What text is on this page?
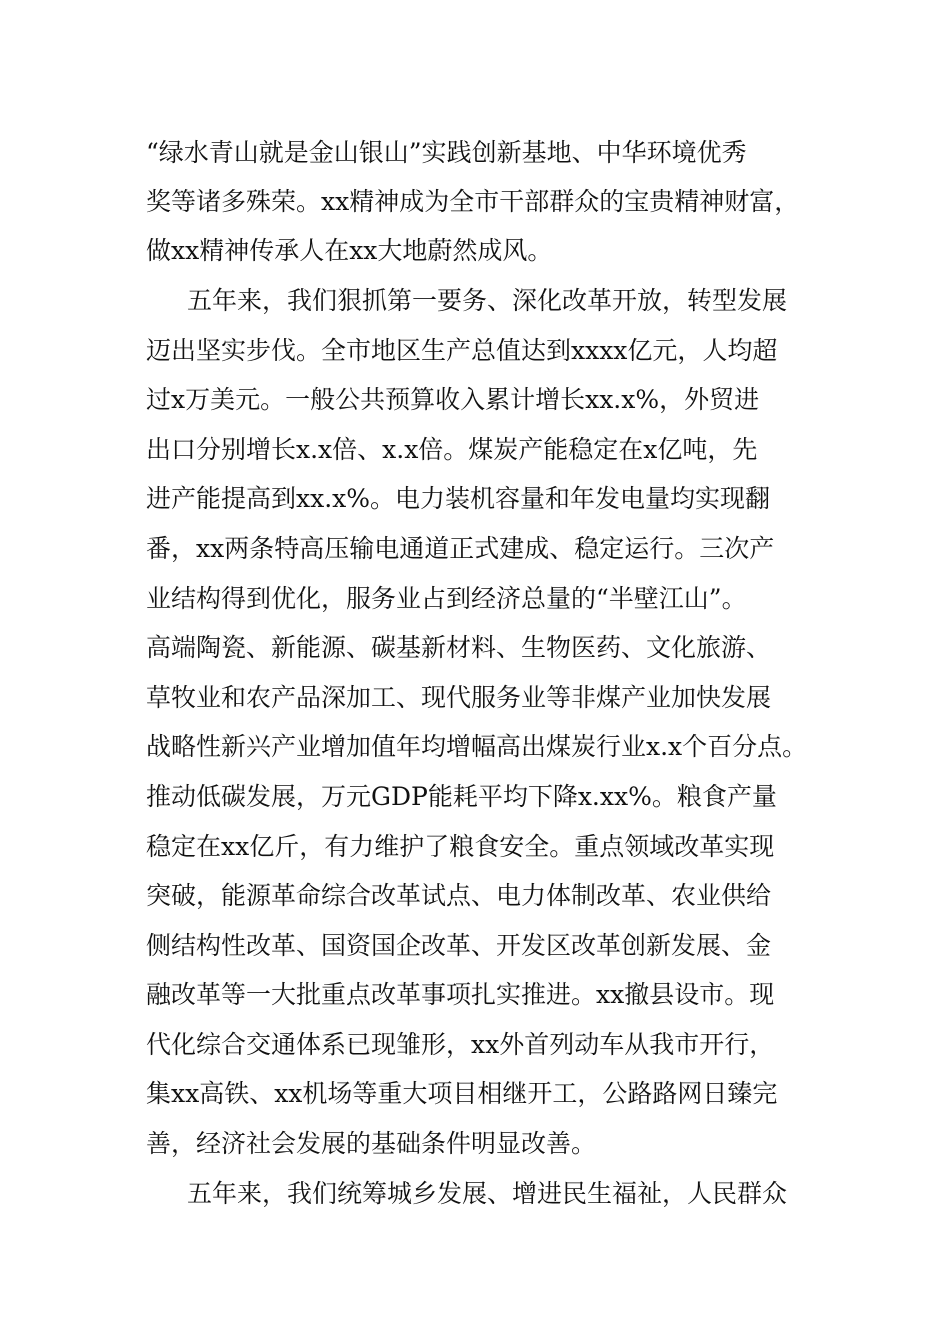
“绿水青山就是金山银山”实践创新基地、中华环境优秀

奖等诸多殊荣。xx精神成为全市干部群众的宝贵精神财富，

做xx精神传承人在xx大地蔚然成风。

五年来，我们狠抓第一要务、深化改革开放，转型发展

迈出坚实步伐。全市地区生产总值达到xxxx亿元，人均超

过x万美元。一般公共预算收入累计增长xx.x%，外贸进

出口分别增长x.x倍、x.x倍。煤炭产能稳定在x亿吨，先

进产能提高到xx.x%。电力装机容量和年发电量均实现翻

番，xx两条特高压输电通道正式建成、稳定运行。三次产

业结构得到优化，服务业占到经济总量的“半壁江山”。

高端陶瓷、新能源、碳基新材料、生物医药、文化旅游、

草牧业和农产品深加工、现代服务业等非煤产业加快发展

战略性新兴产业增加值年均增幅高出煤炭行业x.x个百分点。

推动低碳发展，万元GDP能耗平均下降x.xx%。粮食产量

稳定在xx亿斤，有力维护了粮食安全。重点领域改革实现

突破，能源革命综合改革试点、电力体制改革、农业供给

侧结构性改革、国资国企改革、开发区改革创新发展、金

融改革等一大批重点改革事项扎实推进。xx撤县设市。现

代化综合交通体系已现雏形，xx外首列动车从我市开行，

集xx高铁、xx机场等重大项目相继开工，公路路网日臻完

善，经济社会发展的基础条件明显改善。

五年来，我们统筹城乡发展、增进民生福祉，人民群众
